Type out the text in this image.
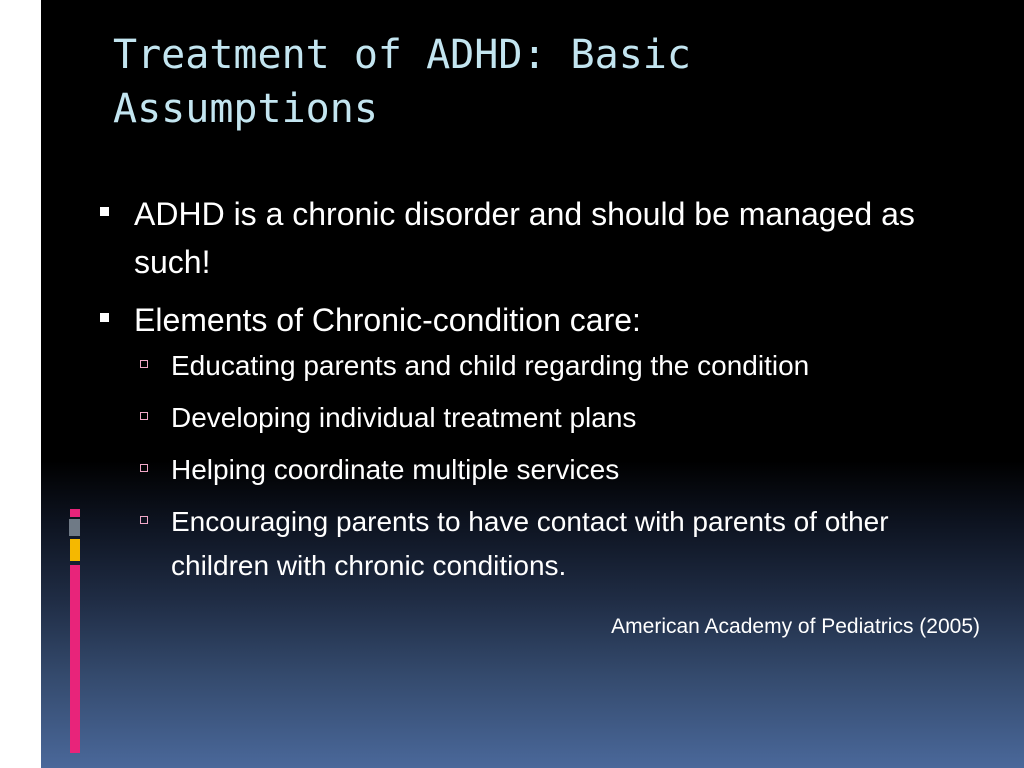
Treatment of ADHD: Basic
Assumptions
ADHD is a chronic disorder and should be managed as such!
Elements of Chronic-condition care:
Educating parents and child regarding the condition
Developing individual treatment plans
Helping coordinate multiple services
Encouraging parents to have contact with parents of other children with chronic conditions.
American Academy of Pediatrics (2005)
